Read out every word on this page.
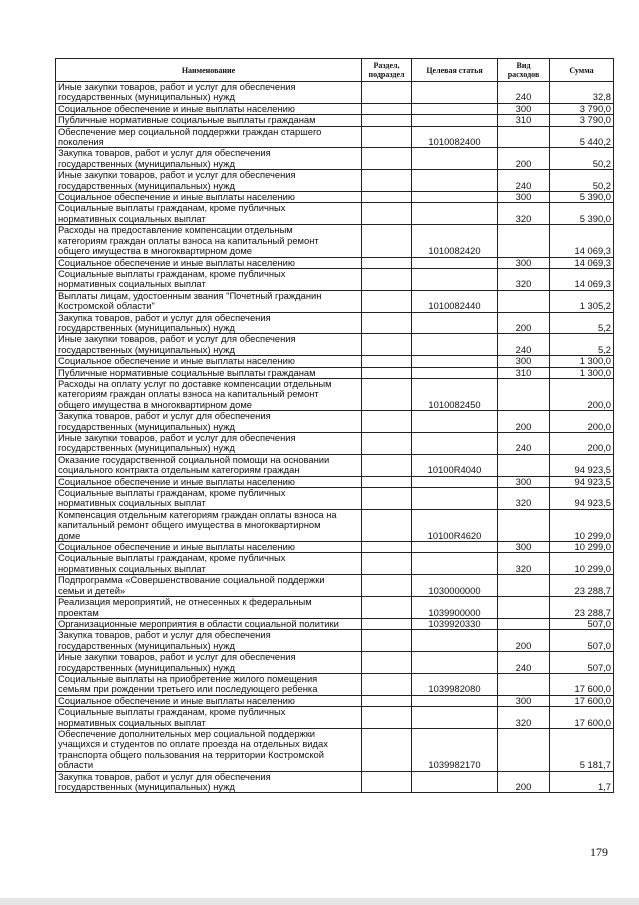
Наименование	Раздел, подраздел	Целевая статья	Вид расходов	Сумма
Иные закупки товаров, работ и услуг для обеспечения
государственных (муниципальных) нужд			240	32,8
Социальное обеспечение и иные выплаты населению			300	3 790,0
Публичные нормативные социальные выплаты гражданам			310	3 790,0
Обеспечение мер социальной поддержки граждан старшего
поколения		1010082400		5 440,2
Закупка товаров, работ и услуг для обеспечения
государственных (муниципальных) нужд			200	50,2
Иные закупки товаров, работ и услуг для обеспечения
государственных (муниципальных) нужд			240	50,2
Социальное обеспечение и иные выплаты населению			300	5 390,0
Социальные выплаты гражданам, кроме публичных
нормативных социальных выплат			320	5 390,0
Расходы на предоставление компенсации отдельным
категориям граждан оплаты взноса на капитальный ремонт
общего имущества в многоквартирном доме		1010082420		14 069,3
Социальное обеспечение и иные выплаты населению			300	14 069,3
Социальные выплаты гражданам, кроме публичных
нормативных социальных выплат			320	14 069,3
Выплаты лицам, удостоенным звания "Почетный гражданин
Костромской области"		1010082440		1 305,2
Закупка товаров, работ и услуг для обеспечения
государственных (муниципальных) нужд			200	5,2
Иные закупки товаров, работ и услуг для обеспечения
государственных (муниципальных) нужд			240	5,2
Социальное обеспечение и иные выплаты населению			300	1 300,0
Публичные нормативные социальные выплаты гражданам			310	1 300,0
Расходы на оплату услуг по доставке компенсации отдельным
категориям граждан оплаты взноса на капитальный ремонт
общего имущества в многоквартирном доме		1010082450		200,0
Закупка товаров, работ и услуг для обеспечения
государственных (муниципальных) нужд			200	200,0
Иные закупки товаров, работ и услуг для обеспечения
государственных (муниципальных) нужд			240	200,0
Оказание государственной социальной помощи на основании
социального контракта отдельным категориям граждан		10100R4040		94 923,5
Социальное обеспечение и иные выплаты населению			300	94 923,5
Социальные выплаты гражданам, кроме публичных
нормативных социальных выплат			320	94 923,5
Компенсация отдельным категориям граждан оплаты взноса на
капитальный ремонт общего имущества в многоквартирном
доме		10100R4620		10 299,0
Социальное обеспечение и иные выплаты населению			300	10 299,0
Социальные выплаты гражданам, кроме публичных
нормативных социальных выплат			320	10 299,0
Подпрограмма «Совершенствование социальной поддержки
семьи и детей»		1030000000		23 288,7
Реализация мероприятий, не отнесенных к федеральным
проектам		1039900000		23 288,7
Организационные мероприятия в области социальной политики		1039920330		507,0
Закупка товаров, работ и услуг для обеспечения
государственных (муниципальных) нужд			200	507,0
Иные закупки товаров, работ и услуг для обеспечения
государственных (муниципальных) нужд			240	507,0
Социальные выплаты на приобретение жилого помещения
семьям при рождении третьего или последующего ребенка		1039982080		17 600,0
Социальное обеспечение и иные выплаты населению			300	17 600,0
Социальные выплаты гражданам, кроме публичных
нормативных социальных выплат			320	17 600,0
Обеспечение дополнительных мер социальной поддержки
учащихся и студентов по оплате проезда на отдельных видах
транспорта общего пользования на территории Костромской
области		1039982170		5 181,7
Закупка товаров, работ и услуг для обеспечения
государственных (муниципальных) нужд			200	1,7
179
